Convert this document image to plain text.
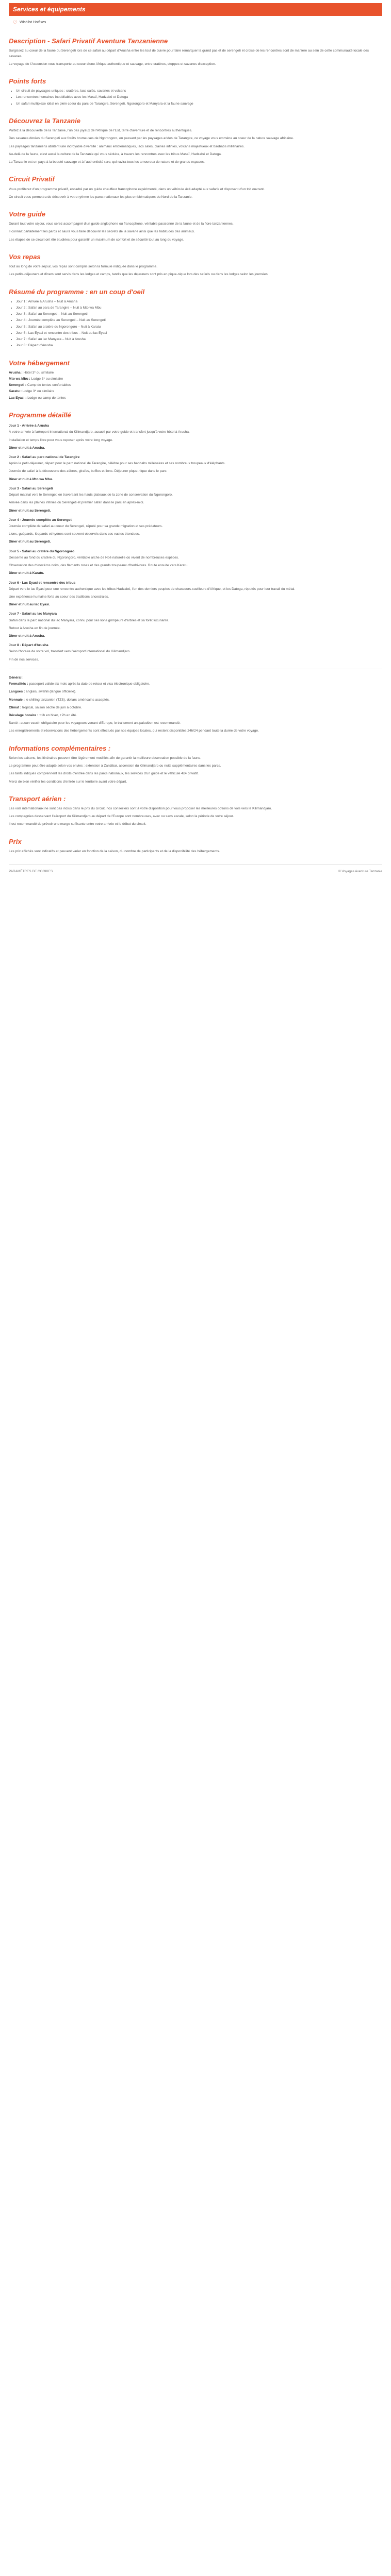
Services et équipements
♡ Wishlist Hotfixes
Description - Safari Privatif Aventure Tanzanienne

Surgissez au coeur de la faune du Serengeti lors de ce safari au départ d'Arusha entre les tout de cuivre pour faire remarquer la grand pas et de serengeti et croise de les rencontres sont de manière au sein de cette communauté locale des savanes.

Le voyage de l'Ascension vous transporte au coeur d'une Afrique authentique et sauvage, entre cratères, steppes et savanes d'exception.

Points forts
• Un circuit de paysages uniques : cratères, lacs salés, savanes et volcans
• Les rencontres humaines inoubliables avec les Masaï, Hadzabé et Datoga
• Un safari multiplexe idéal en plein coeur du parc de Tarangire, Serengeti, Ngorongoro et Manyara et la faune sauvage
Découvrez la Tanzanie

Partez à la découverte de la Tanzanie, l'un des joyaux de l'Afrique de l'Est, terre d'aventure et de rencontres authentiques.

Des savanes dorées du Serengeti aux forêts brumeuses de Ngorongoro, en passant par les paysages arides de Tarangire, ce voyage vous emmène au coeur de la nature sauvage africaine.

Les paysages tanzaniens abritent une incroyable diversité : animaux emblématiques, lacs salés, plaines infinies, volcans majestueux et baobabs millénaires.

Au-delà de la faune, c'est aussi la culture de la Tanzanie qui vous séduira, à travers les rencontres avec les tribus Masaï, Hadzabé et Datoga.

La Tanzanie est un pays à la beauté sauvage et à l'authenticité rare, qui ravira tous les amoureux de nature et de grands espaces.

Circuit Privatif

Vous profiterez d'un programme privatif, encadré par un guide chauffeur francophone expérimenté, dans un véhicule 4x4 adapté aux safaris et disposant d'un toit ouvrant.

Ce circuit vous permettra de découvrir à votre rythme les parcs nationaux les plus emblématiques du Nord de la Tanzanie.

Votre guide

Durant tout votre séjour, vous serez accompagné d'un guide anglophone ou francophone, véritable passionné de la faune et de la flore tanzaniennes.

Il connaît parfaitement les parcs et saura vous faire découvrir les secrets de la savane ainsi que les habitudes des animaux.

Les étapes de ce circuit ont été étudiées pour garantir un maximum de confort et de sécurité tout au long du voyage.

Vos repas

Tout au long de votre séjour, vos repas sont compris selon la formule indiquée dans le programme.

Les petits-déjeuners et dîners sont servis dans les lodges et camps, tandis que les déjeuners sont pris en pique-nique lors des safaris ou dans les lodges selon les journées.

Résumé du programme : en un coup d'oeil
• Jour 1 : Arrivée à Arusha – Nuit à Arusha
• Jour 2 : Safari au parc de Tarangire – Nuit à Mto wa Mbu
• Jour 3 : Safari au Serengeti – Nuit au Serengeti
• Jour 4 : Journée complète au Serengeti – Nuit au Serengeti
• Jour 5 : Safari au cratère du Ngorongoro – Nuit à Karatu
• Jour 6 : Lac Eyasi et rencontre des tribus – Nuit au lac Eyasi
• Jour 7 : Safari au lac Manyara – Nuit à Arusha
• Jour 8 : Départ d'Arusha
Votre hébergement

Arusha : Hôtel 3* ou similaire

Mto wa Mbu : Lodge 3* ou similaire

Serengeti : Camp de tentes confortables

Karatu : Lodge 3* ou similaire

Lac Eyasi : Lodge ou camp de tentes

Programme détaillé
Jour 1 - Arrivée à Arusha

À votre arrivée à l'aéroport international du Kilimandjaro, accueil par votre guide et transfert jusqu'à votre hôtel à Arusha.

Installation et temps libre pour vous reposer après votre long voyage.

Dîner et nuit à Arusha.
Jour 2 - Safari au parc national de Tarangire

Après le petit-déjeuner, départ pour le parc national de Tarangire, célèbre pour ses baobabs millénaires et ses nombreux troupeaux d'éléphants.

Journée de safari à la découverte des zèbres, girafes, buffles et lions. Déjeuner pique-nique dans le parc.

Dîner et nuit à Mto wa Mbu.
Jour 3 - Safari au Serengeti

Départ matinal vers le Serengeti en traversant les hauts plateaux de la zone de conservation du Ngorongoro.

Arrivée dans les plaines infinies du Serengeti et premier safari dans le parc en après-midi.

Dîner et nuit au Serengeti.
Jour 4 - Journée complète au Serengeti

Journée complète de safari au coeur du Serengeti, réputé pour sa grande migration et ses prédateurs.

Lions, guépards, léopards et hyènes sont souvent observés dans ces vastes étendues.

Dîner et nuit au Serengeti.
Jour 5 - Safari au cratère du Ngorongoro

Descente au fond du cratère du Ngorongoro, véritable arche de Noé naturelle où vivent de nombreuses espèces.

Observation des rhinocéros noirs, des flamants roses et des grands troupeaux d'herbivores. Route ensuite vers Karatu.

Dîner et nuit à Karatu.
Jour 6 - Lac Eyasi et rencontre des tribus

Départ vers le lac Eyasi pour une rencontre authentique avec les tribus Hadzabé, l'un des derniers peuples de chasseurs-cueilleurs d'Afrique, et les Datoga, réputés pour leur travail du métal.

Une expérience humaine forte au coeur des traditions ancestrales.

Dîner et nuit au lac Eyasi.
Jour 7 - Safari au lac Manyara

Safari dans le parc national du lac Manyara, connu pour ses lions grimpeurs d'arbres et sa forêt luxuriante.

Retour à Arusha en fin de journée.

Dîner et nuit à Arusha.
Jour 8 - Départ d'Arusha

Selon l'horaire de votre vol, transfert vers l'aéroport international du Kilimandjaro.

Fin de nos services.

Général :

Formalités : passeport valide six mois après la date de retour et visa électronique obligatoire.

Langues : anglais, swahili (langue officielle).

Monnaie : le shilling tanzanien (TZS), dollars américains acceptés.

Climat : tropical, saison sèche de juin à octobre.

Décalage horaire : +1h en hiver, +2h en été.

Santé : aucun vaccin obligatoire pour les voyageurs venant d'Europe, le traitement antipaludéen est recommandé.

Les enregistrements et réservations des hébergements sont effectués par nos équipes locales, qui restent disponibles 24h/24 pendant toute la durée de votre voyage.

Informations complémentaires :

Selon les saisons, les itinéraires peuvent être légèrement modifiés afin de garantir la meilleure observation possible de la faune.

Le programme peut être adapté selon vos envies : extension à Zanzibar, ascension du Kilimandjaro ou nuits supplémentaires dans les parcs.

Les tarifs indiqués comprennent les droits d'entrée dans les parcs nationaux, les services d'un guide et le véhicule 4x4 privatif.

Merci de bien vérifier les conditions d'entrée sur le territoire avant votre départ.

Transport aérien :

Les vols internationaux ne sont pas inclus dans le prix du circuit, nos conseillers sont à votre disposition pour vous proposer les meilleures options de vols vers le Kilimandjaro.

Les compagnies desservant l'aéroport du Kilimandjaro au départ de l'Europe sont nombreuses, avec ou sans escale, selon la période de votre séjour.

Il est recommandé de prévoir une marge suffisante entre votre arrivée et le début du circuit.

Prix

Les prix affichés sont indicatifs et peuvent varier en fonction de la saison, du nombre de participants et de la disponibilité des hébergements.

PARAMÈTRES DE COOKIES	© Voyages Aventure Tanzanie
